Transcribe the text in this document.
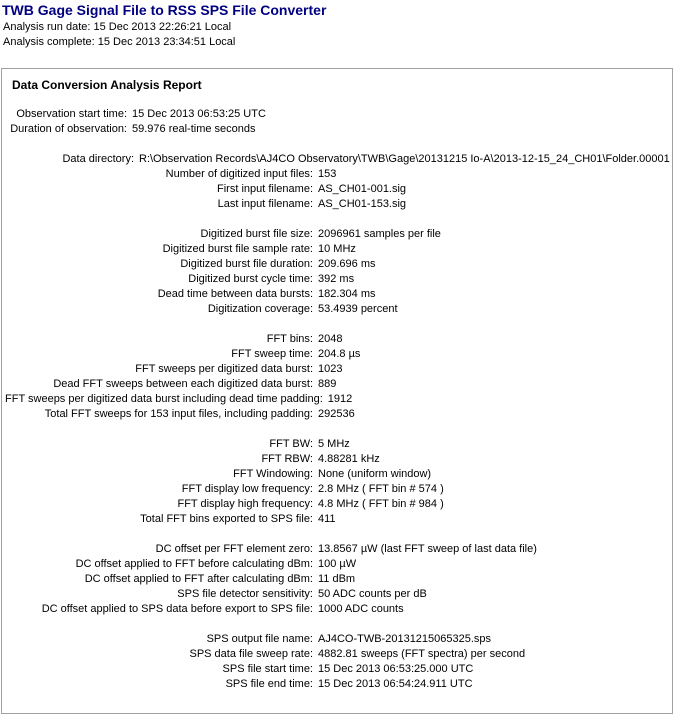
TWB Gage Signal File to RSS SPS File Converter
Analysis run date: 15 Dec 2013 22:26:21 Local
Analysis complete: 15 Dec 2013 23:34:51 Local
Data Conversion Analysis Report
Observation start time: 15 Dec 2013 06:53:25 UTC
Duration of observation: 59.976 real-time seconds
Data directory: R:\Observation Records\AJ4CO Observatory\TWB\Gage\20131215 Io-A\2013-12-15_24_CH01\Folder.00001
Number of digitized input files: 153
First input filename: AS_CH01-001.sig
Last input filename: AS_CH01-153.sig
Digitized burst file size: 2096961 samples per file
Digitized burst file sample rate: 10 MHz
Digitized burst file duration: 209.696 ms
Digitized burst cycle time: 392 ms
Dead time between data bursts: 182.304 ms
Digitization coverage: 53.4939 percent
FFT bins: 2048
FFT sweep time: 204.8 µs
FFT sweeps per digitized data burst: 1023
Dead FFT sweeps between each digitized data burst: 889
FFT sweeps per digitized data burst including dead time padding: 1912
Total FFT sweeps for 153 input files, including padding: 292536
FFT BW: 5 MHz
FFT RBW: 4.88281 kHz
FFT Windowing: None (uniform window)
FFT display low frequency: 2.8 MHz ( FFT bin # 574 )
FFT display high frequency: 4.8 MHz ( FFT bin # 984 )
Total FFT bins exported to SPS file: 411
DC offset per FFT element zero: 13.8567 µW (last FFT sweep of last data file)
DC offset applied to FFT before calculating dBm: 100 µW
DC offset applied to FFT after calculating dBm: 11 dBm
SPS file detector sensitivity: 50 ADC counts per dB
DC offset applied to SPS data before export to SPS file: 1000 ADC counts
SPS output file name: AJ4CO-TWB-20131215065325.sps
SPS data file sweep rate: 4882.81 sweeps (FFT spectra) per second
SPS file start time: 15 Dec 2013 06:53:25.000 UTC
SPS file end time: 15 Dec 2013 06:54:24.911 UTC
